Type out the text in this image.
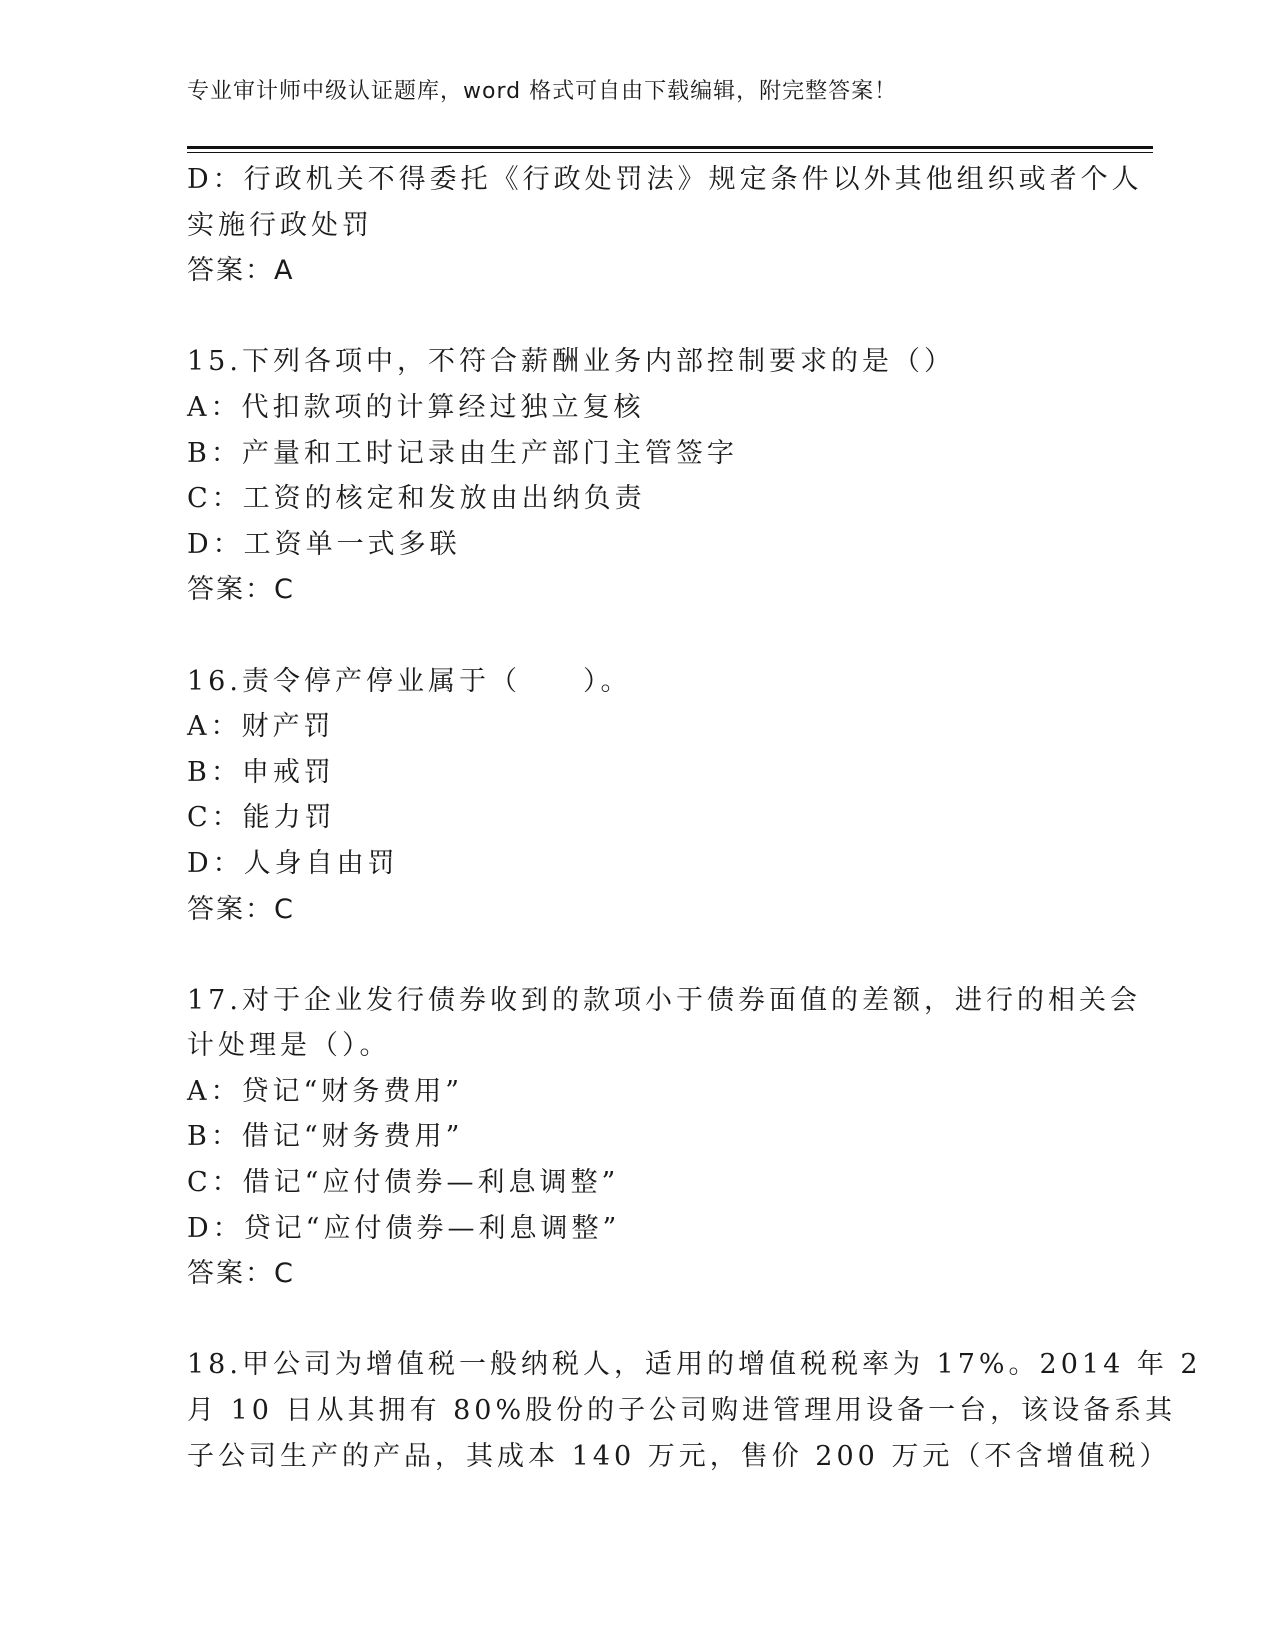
专业审计师中级认证题库，word 格式可自由下载编辑，附完整答案！
D：行政机关不得委托《行政处罚法》规定条件以外其他组织或者个人
实施行政处罚
答案：A
15.下列各项中，不符合薪酬业务内部控制要求的是（）
A：代扣款项的计算经过独立复核
B：产量和工时记录由生产部门主管签字
C：工资的核定和发放由出纳负责
D：工资单一式多联
答案：C
16.责令停产停业属于（　　）。
A：财产罚
B：申戒罚
C：能力罚
D：人身自由罚
答案：C
17.对于企业发行债券收到的款项小于债券面值的差额，进行的相关会
计处理是（）。
A：贷记“财务费用”
B：借记“财务费用”
C：借记“应付债券—利息调整”
D：贷记“应付债券—利息调整”
答案：C
18.甲公司为增值税一般纳税人，适用的增值税税率为 17%。2014 年 2
月 10 日从其拥有 80%股份的子公司购进管理用设备一台，该设备系其
子公司生产的产品，其成本 140 万元，售价 200 万元（不含增值税）
